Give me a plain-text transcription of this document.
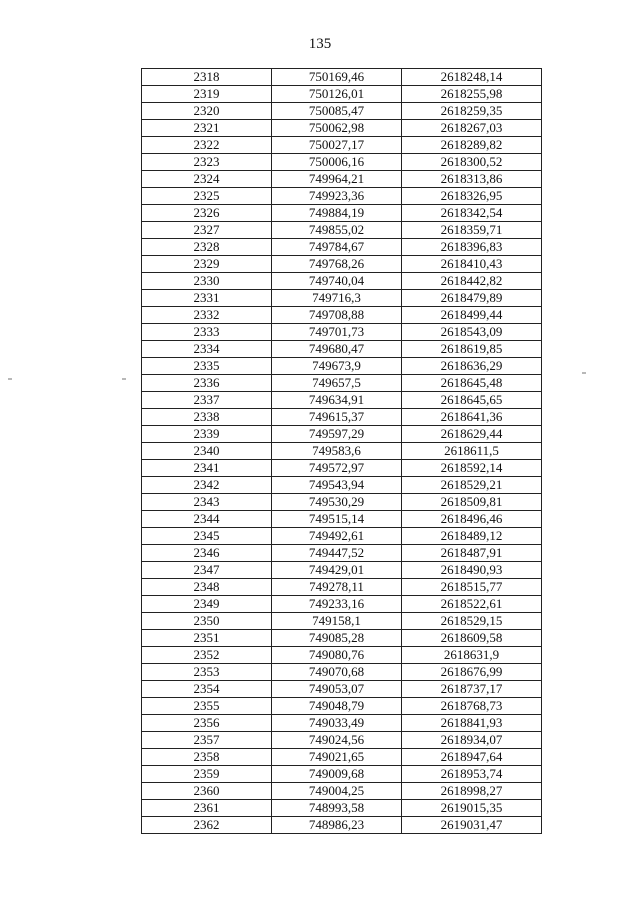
135
2318	750169,46	2618248,14
2319	750126,01	2618255,98
2320	750085,47	2618259,35
2321	750062,98	2618267,03
2322	750027,17	2618289,82
2323	750006,16	2618300,52
2324	749964,21	2618313,86
2325	749923,36	2618326,95
2326	749884,19	2618342,54
2327	749855,02	2618359,71
2328	749784,67	2618396,83
2329	749768,26	2618410,43
2330	749740,04	2618442,82
2331	749716,3	2618479,89
2332	749708,88	2618499,44
2333	749701,73	2618543,09
2334	749680,47	2618619,85
2335	749673,9	2618636,29
2336	749657,5	2618645,48
2337	749634,91	2618645,65
2338	749615,37	2618641,36
2339	749597,29	2618629,44
2340	749583,6	2618611,5
2341	749572,97	2618592,14
2342	749543,94	2618529,21
2343	749530,29	2618509,81
2344	749515,14	2618496,46
2345	749492,61	2618489,12
2346	749447,52	2618487,91
2347	749429,01	2618490,93
2348	749278,11	2618515,77
2349	749233,16	2618522,61
2350	749158,1	2618529,15
2351	749085,28	2618609,58
2352	749080,76	2618631,9
2353	749070,68	2618676,99
2354	749053,07	2618737,17
2355	749048,79	2618768,73
2356	749033,49	2618841,93
2357	749024,56	2618934,07
2358	749021,65	2618947,64
2359	749009,68	2618953,74
2360	749004,25	2618998,27
2361	748993,58	2619015,35
2362	748986,23	2619031,47
